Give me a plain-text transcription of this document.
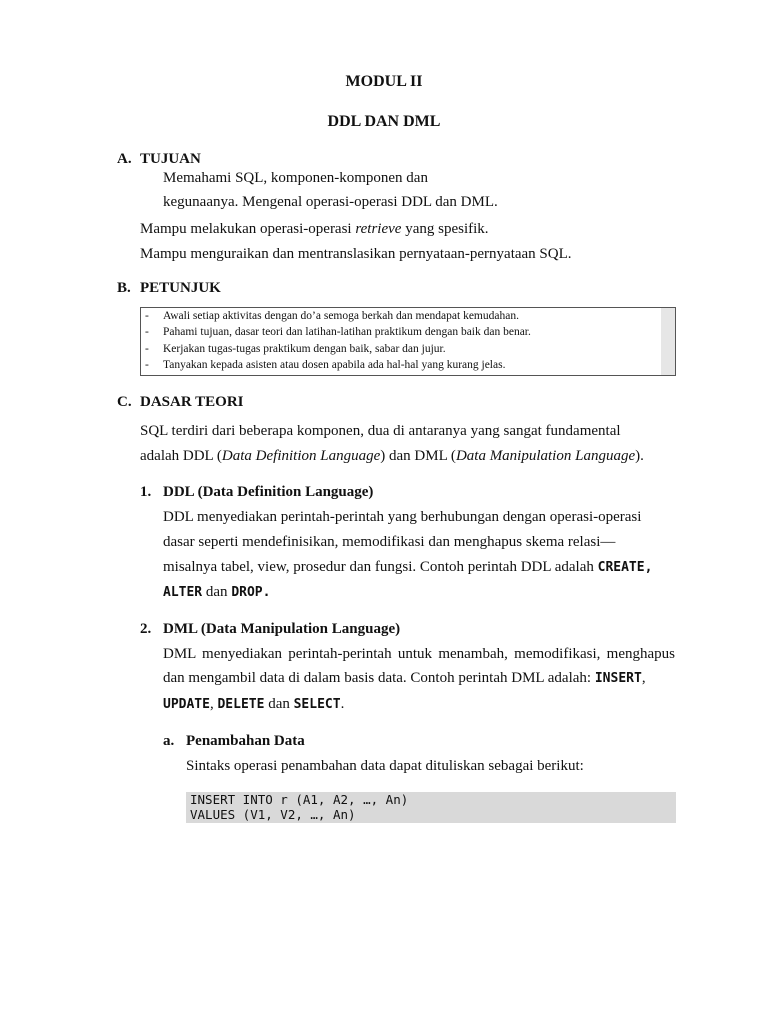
MODUL II
DDL DAN DML
A. TUJUAN
Memahami SQL, komponen-komponen dan
kegunaanya. Mengenal operasi-operasi DDL dan DML.
Mampu melakukan operasi-operasi retrieve yang spesifik.
Mampu menguraikan dan mentranslasikan pernyataan-pernyataan SQL.
B. PETUNJUK
- Awali setiap aktivitas dengan do’a semoga berkah dan mendapat kemudahan.
- Pahami tujuan, dasar teori dan latihan-latihan praktikum dengan baik dan benar.
- Kerjakan tugas-tugas praktikum dengan baik, sabar dan jujur.
- Tanyakan kepada asisten atau dosen apabila ada hal-hal yang kurang jelas.
C. DASAR TEORI
SQL terdiri dari beberapa komponen, dua di antaranya yang sangat fundamental
adalah DDL (Data Definition Language) dan DML (Data Manipulation Language).
1. DDL (Data Definition Language)
DDL menyediakan perintah-perintah yang berhubungan dengan operasi-operasi
dasar seperti mendefinisikan, memodifikasi dan menghapus skema relasi—
misalnya tabel, view, prosedur dan fungsi. Contoh perintah DDL adalah CREATE,
ALTER dan DROP.
2. DML (Data Manipulation Language)
DML menyediakan perintah-perintah untuk menambah, memodifikasi, menghapus
dan mengambil data di dalam basis data. Contoh perintah DML adalah: INSERT,
UPDATE, DELETE dan SELECT.
a. Penambahan Data
Sintaks operasi penambahan data dapat dituliskan sebagai berikut:
INSERT INTO r (A1, A2, …, An)
VALUES (V1, V2, …, An)
